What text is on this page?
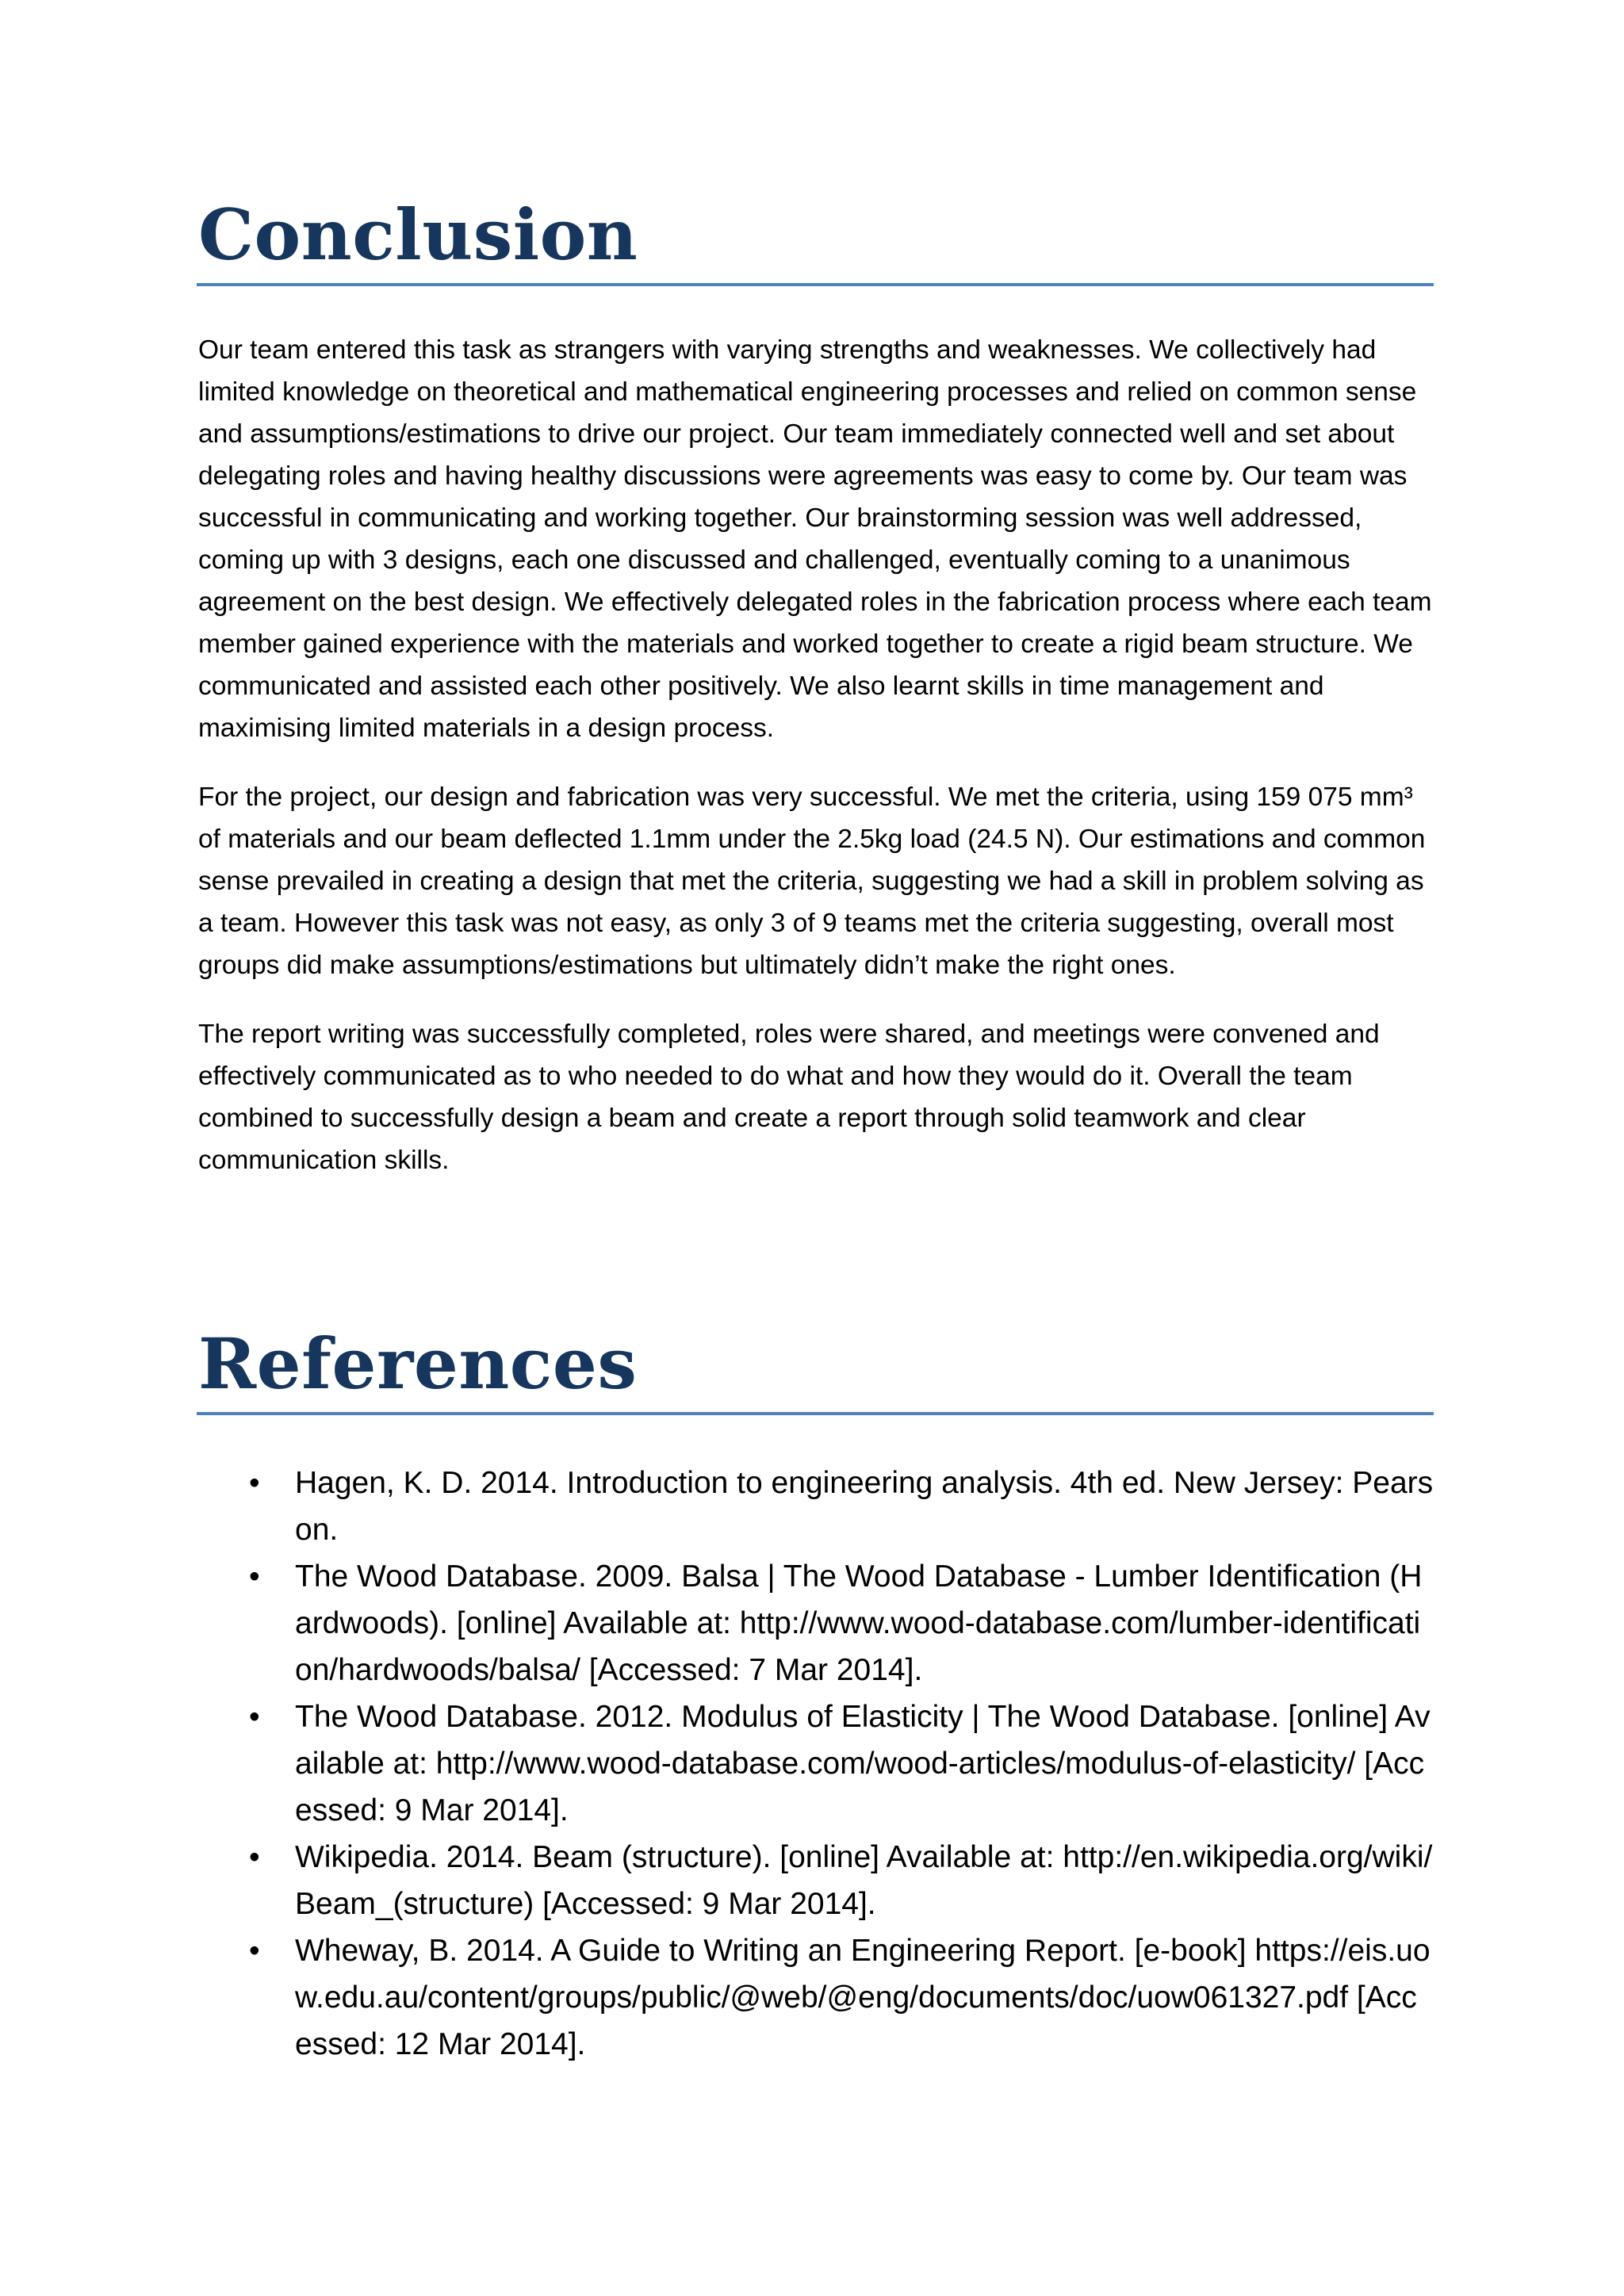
Conclusion

Our team entered this task as strangers with varying strengths and weaknesses. We collectively had limited knowledge on theoretical and mathematical engineering processes and relied on common sense and assumptions/estimations to drive our project. Our team immediately connected well and set about delegating roles and having healthy discussions were agreements was easy to come by. Our team was successful in communicating and working together. Our brainstorming session was well addressed, coming up with 3 designs, each one discussed and challenged, eventually coming to a unanimous agreement on the best design. We effectively delegated roles in the fabrication process where each team member gained experience with the materials and worked together to create a rigid beam structure. We communicated and assisted each other positively. We also learnt skills in time management and maximising limited materials in a design process.

For the project, our design and fabrication was very successful. We met the criteria, using 159 075 mm³ of materials and our beam deflected 1.1mm under the 2.5kg load (24.5 N). Our estimations and common sense prevailed in creating a design that met the criteria, suggesting we had a skill in problem solving as a team. However this task was not easy, as only 3 of 9 teams met the criteria suggesting, overall most groups did make assumptions/estimations but ultimately didn’t make the right ones.

The report writing was successfully completed, roles were shared, and meetings were convened and effectively communicated as to who needed to do what and how they would do it. Overall the team combined to successfully design a beam and create a report through solid teamwork and clear communication skills.

References
• Hagen, K. D. 2014. Introduction to engineering analysis. 4th ed. New Jersey: Pearson.
• The Wood Database. 2009. Balsa | The Wood Database - Lumber Identification (Hardwoods). [online] Available at: http://www.wood-database.com/lumber-identification/hardwoods/balsa/ [Accessed: 7 Mar 2014].
• The Wood Database. 2012. Modulus of Elasticity | The Wood Database. [online] Available at: http://www.wood-database.com/wood-articles/modulus-of-elasticity/ [Accessed: 9 Mar 2014].
• Wikipedia. 2014. Beam (structure). [online] Available at: http://en.wikipedia.org/wiki/Beam_(structure) [Accessed: 9 Mar 2014].
• Wheway, B. 2014. A Guide to Writing an Engineering Report. [e-book] https://eis.uow.edu.au/content/groups/public/@web/@eng/documents/doc/uow061327.pdf [Accessed: 12 Mar 2014].
